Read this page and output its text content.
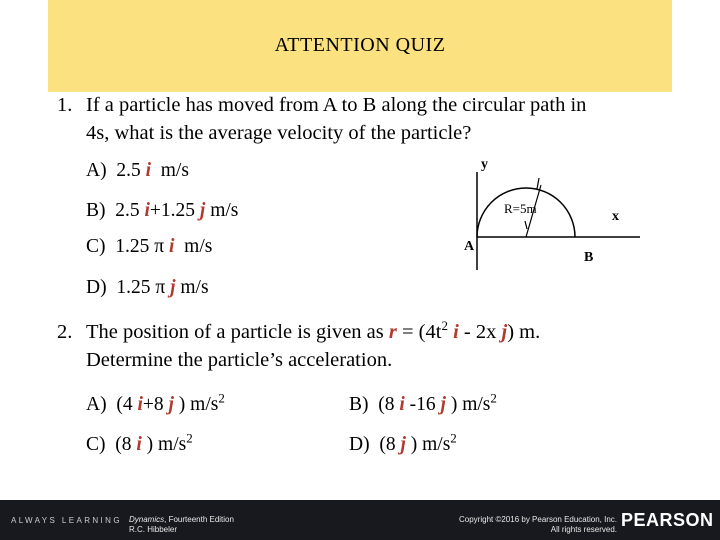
ATTENTION QUIZ
1. If a particle has moved from A to B along the circular path in
4s, what is the average velocity of the particle?
A) 2.5 i m/s
B) 2.5 i+1.25 j m/s
C) 1.25 π i m/s
D) 1.25 π j m/s
y
x
R=5m
A
B
2. The position of a particle is given as $r = (4t^2$ i - 2x j) m.
Determine the particle’s acceleration.
A) (4 i+8 j ) $m/s^2$	B) (8 i -16 j ) $m/s^2$
C) (8 i ) $m/s^2$	D) (8 j ) $m/s^2$
ALWAYS LEARNING Dynamics, Fourteenth Edition
R.C. Hibbeler
Copyright ©2016 by Pearson Education, Inc.
All rights reserved. PEARSON
